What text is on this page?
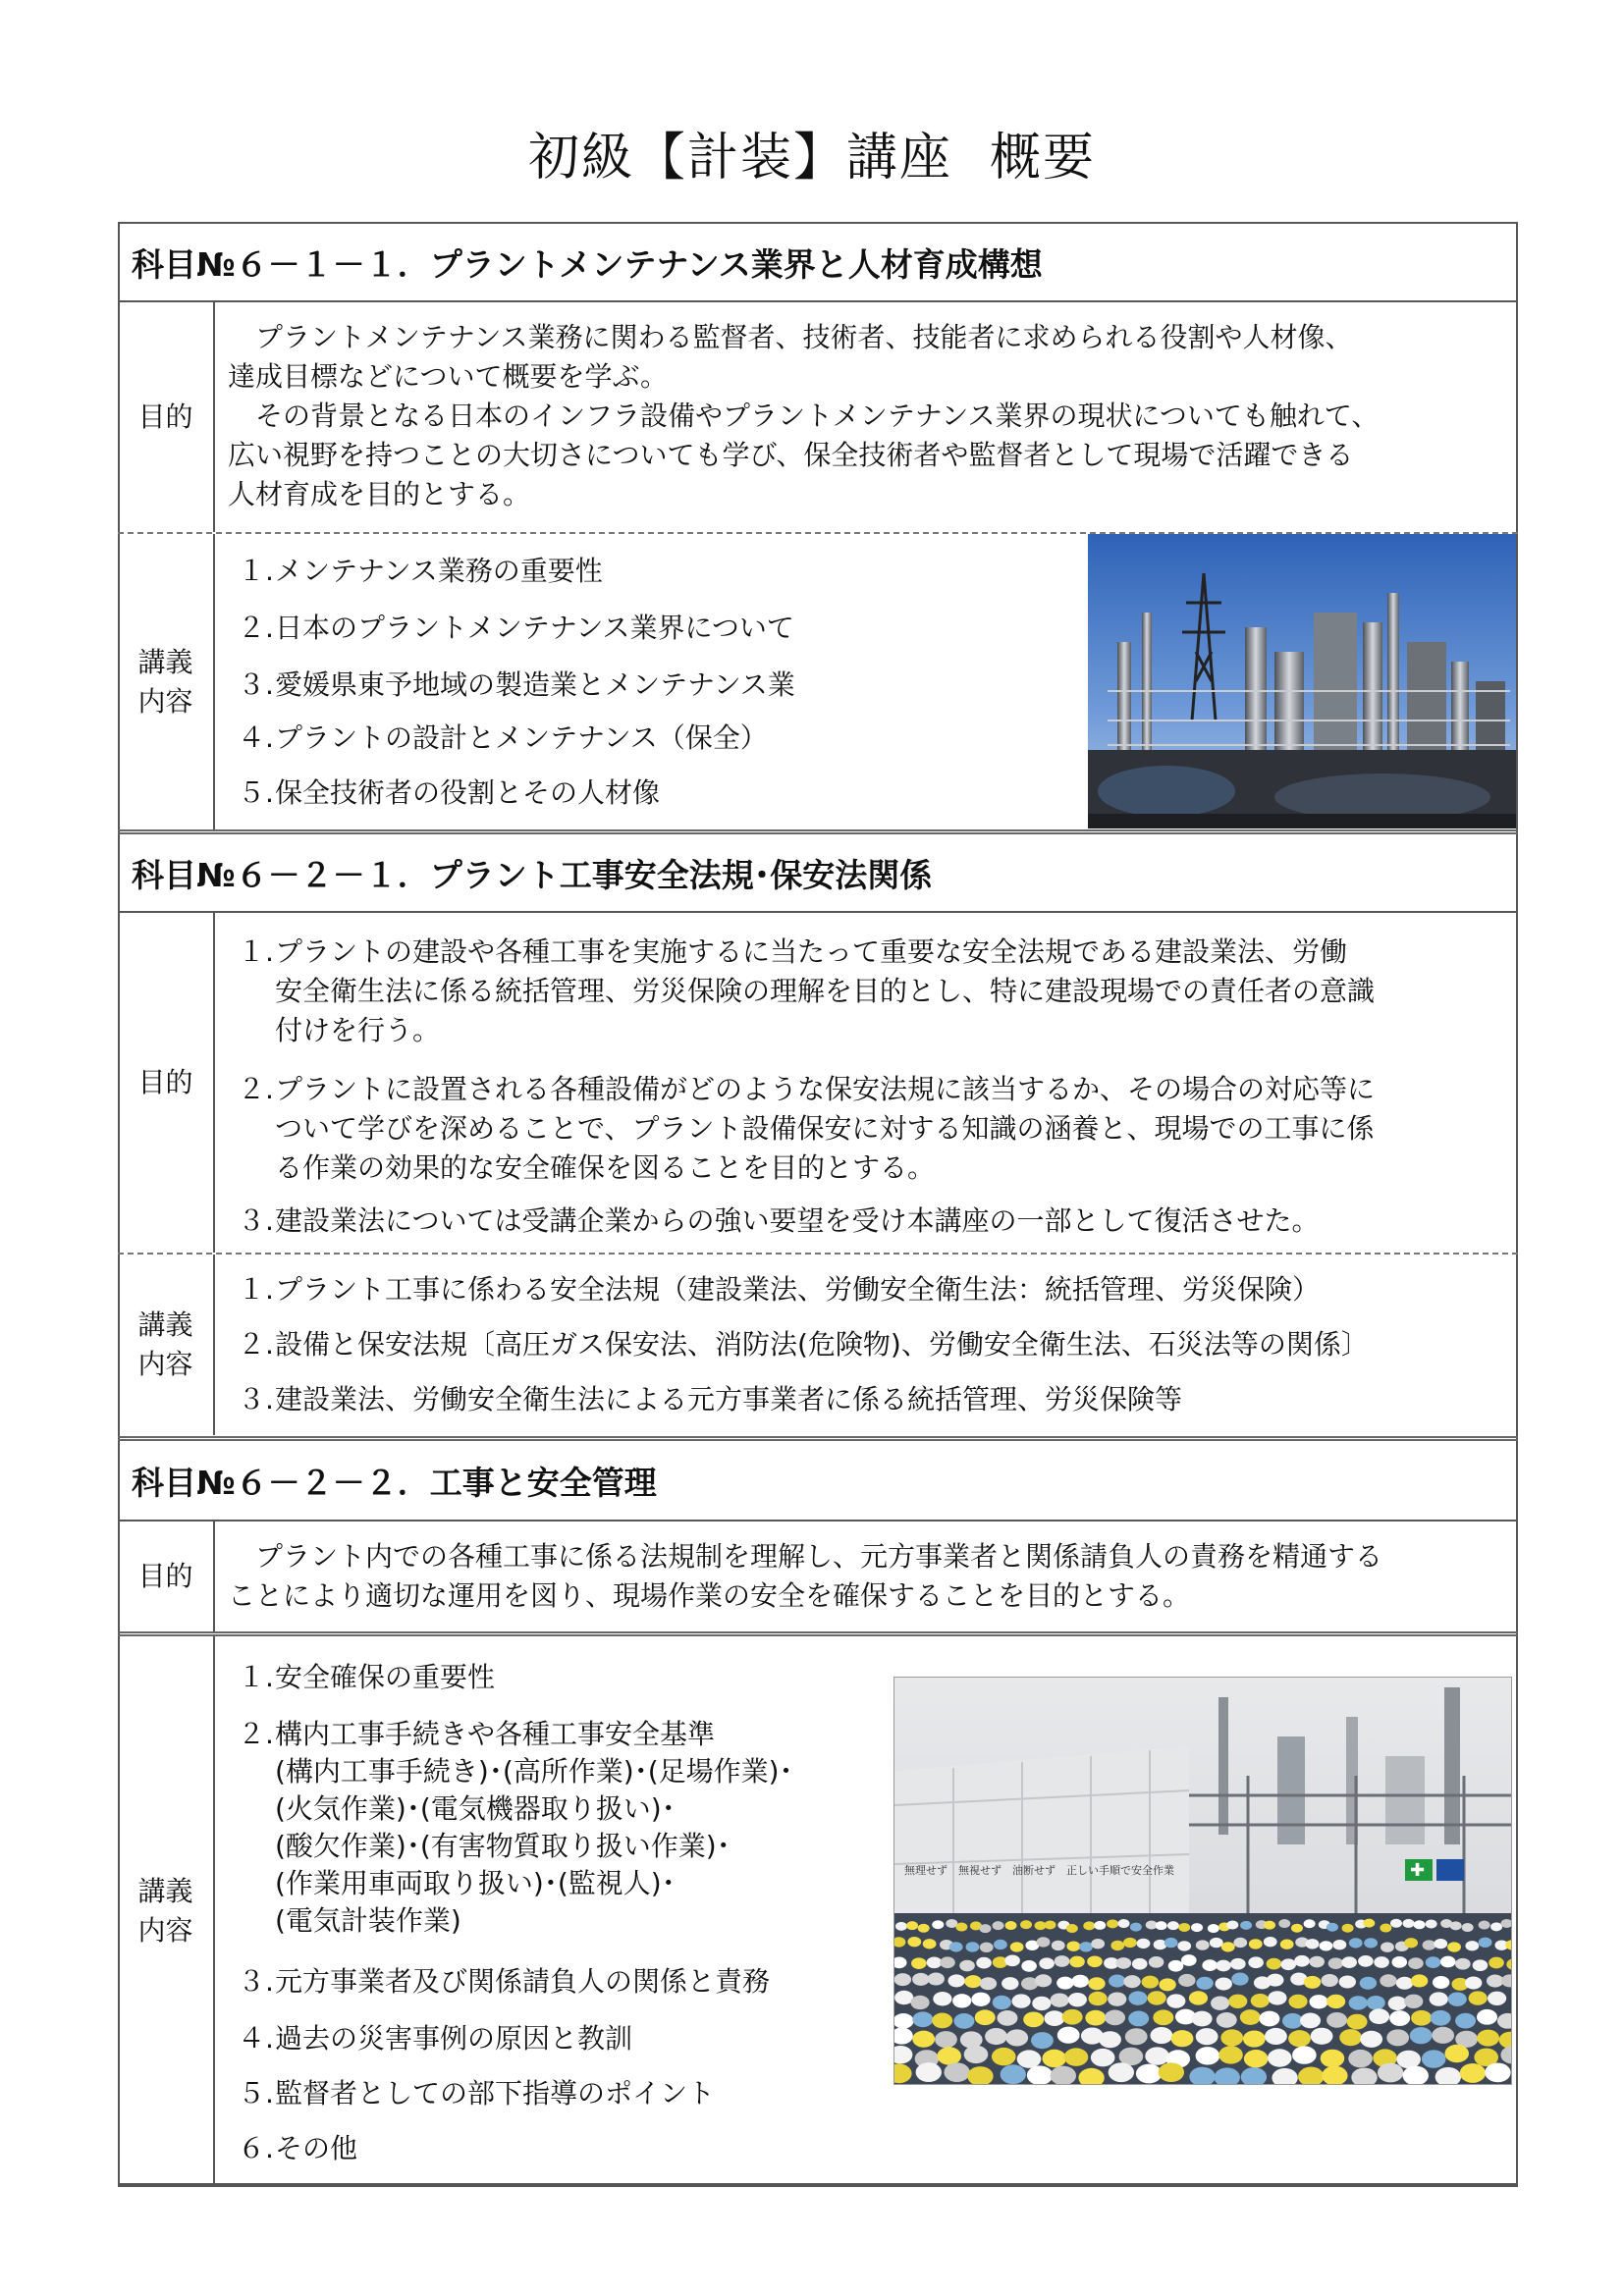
初級【計装】講座 概要
科目№６－１－１．プラントメンテナンス業界と人材育成構想
目的

　プラントメンテナンス業務に関わる監督者、技術者、技能者に求められる役割や人材像、

達成目標などについて概要を学ぶ。

　その背景となる日本のインフラ設備やプラントメンテナンス業界の現状についても触れて、

広い視野を持つことの大切さについても学び、保全技術者や監督者として現場で活躍できる

人材育成を目的とする。

講義
内容
１.メンテナンス業務の重要性
２.日本のプラントメンテナンス業界について
３.愛媛県東予地域の製造業とメンテナンス業
４.プラントの設計とメンテナンス（保全）
５.保全技術者の役割とその人材像
科目№６－２－１．プラント工事安全法規･保安法関係
目的
１.プラントの建設や各種工事を実施するに当たって重要な安全法規である建設業法、労働
安全衛生法に係る統括管理、労災保険の理解を目的とし、特に建設現場での責任者の意識
付けを行う。
２.プラントに設置される各種設備がどのような保安法規に該当するか、その場合の対応等に
ついて学びを深めることで、プラント設備保安に対する知識の涵養と、現場での工事に係
る作業の効果的な安全確保を図ることを目的とする。
３.建設業法については受講企業からの強い要望を受け本講座の一部として復活させた。
講義
内容
１.プラント工事に係わる安全法規（建設業法、労働安全衛生法：統括管理、労災保険）
２.設備と保安法規〔高圧ガス保安法、消防法(危険物)、労働安全衛生法、石災法等の関係〕
３.建設業法、労働安全衛生法による元方事業者に係る統括管理、労災保険等
科目№６－２－２．工事と安全管理
目的

　プラント内での各種工事に係る法規制を理解し、元方事業者と関係請負人の責務を精通する

ことにより適切な運用を図り、現場作業の安全を確保することを目的とする。

講義
内容
１.安全確保の重要性
２.構内工事手続きや各種工事安全基準
(構内工事手続き)･(高所作業)･(足場作業)･
(火気作業)･(電気機器取り扱い)･
(酸欠作業)･(有害物質取り扱い作業)･
(作業用車両取り扱い)･(監視人)･
(電気計装作業)
３.元方事業者及び関係請負人の関係と責務
４.過去の災害事例の原因と教訓
５.監督者としての部下指導のポイント
６.その他
無理せず　無視せず　油断せず　正しい手順で安全作業	✚
